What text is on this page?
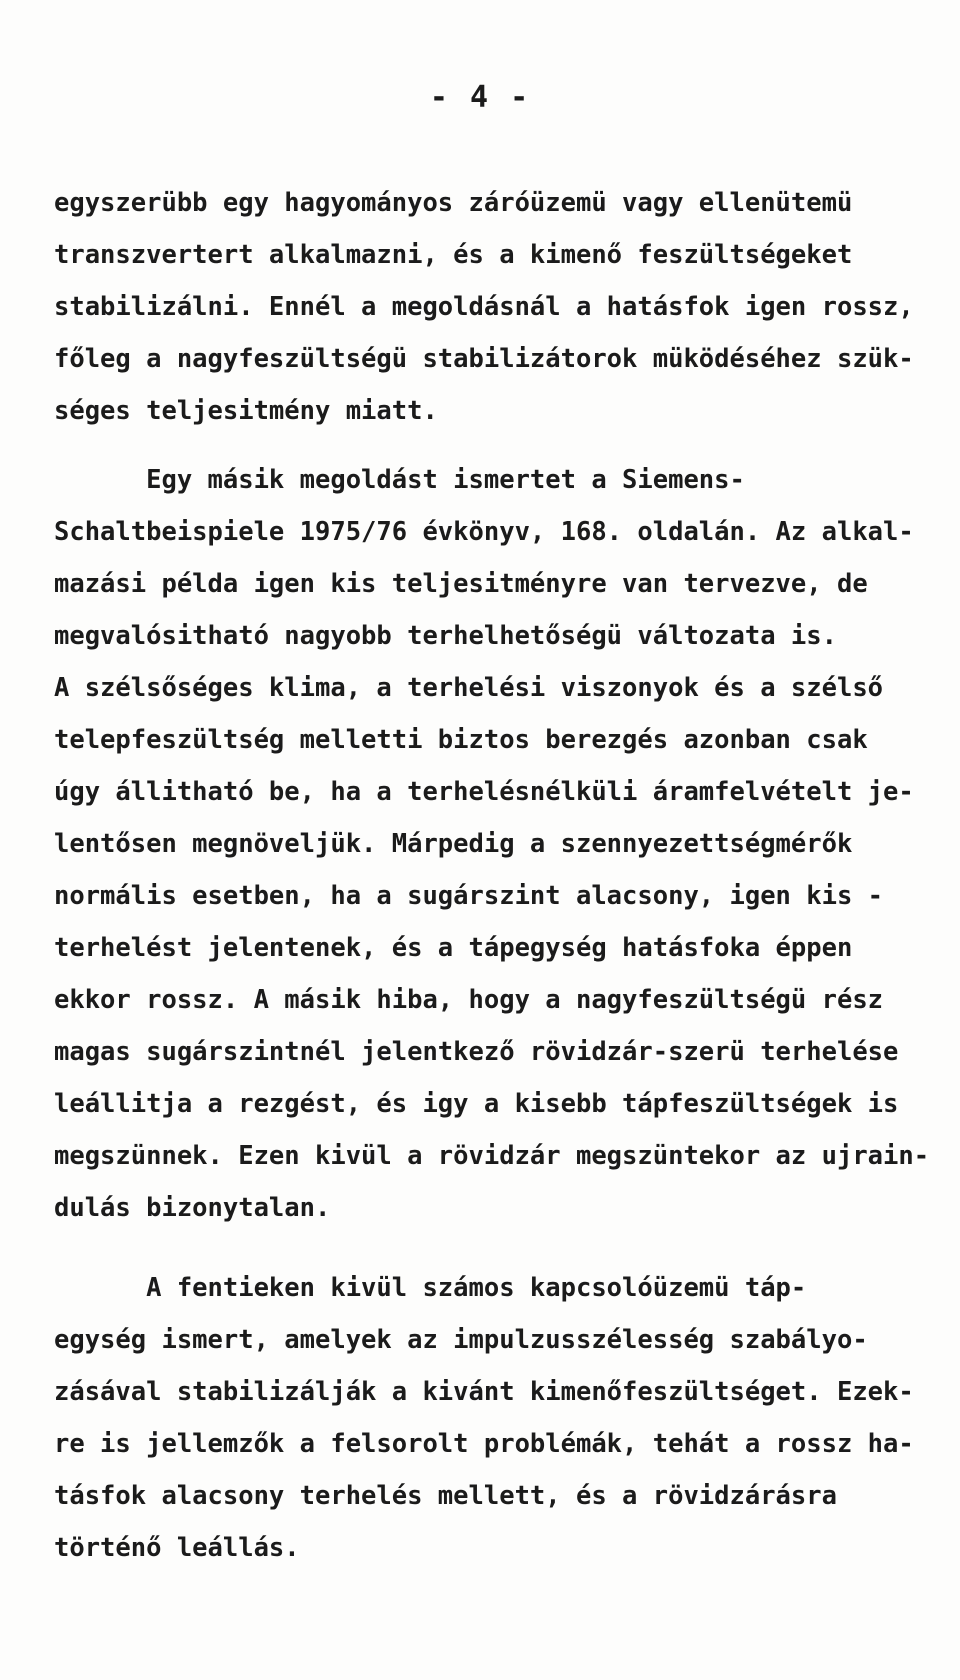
- 4 -
egyszerübb egy hagyományos záróüzemü vagy ellenütemü
transzvertert alkalmazni, és a kimenő feszültségeket
stabilizálni. Ennél a megoldásnál a hatásfok igen rossz,
főleg a nagyfeszültségü stabilizátorok müködéséhez szük-
séges teljesitmény miatt.
Egy másik megoldást ismertet a Siemens-
Schaltbeispiele 1975/76 évkönyv, 168. oldalán. Az alkal-
mazási példa igen kis teljesitményre van tervezve, de
megvalósitható nagyobb terhelhetőségü változata is.
A szélsőséges klima, a terhelési viszonyok és a szélső
telepfeszültség melletti biztos berezgés azonban csak
úgy állitható be, ha a terhelésnélküli áramfelvételt je-
lentősen megnöveljük. Márpedig a szennyezettségmérők
normális esetben, ha a sugárszint alacsony, igen kis -
terhelést jelentenek, és a tápegység hatásfoka éppen
ekkor rossz. A másik hiba, hogy a nagyfeszültségü rész
magas sugárszintnél jelentkező rövidzár-szerü terhelése
leállitja a rezgést, és igy a kisebb tápfeszültségek is
megszünnek. Ezen kivül a rövidzár megszüntekor az ujrain-
dulás bizonytalan.
A fentieken kivül számos kapcsolóüzemü táp-
egység ismert, amelyek az impulzusszélesség szabályo-
zásával stabilizálják a kivánt kimenőfeszültséget. Ezek-
re is jellemzők a felsorolt problémák, tehát a rossz ha-
tásfok alacsony terhelés mellett, és a rövidzárásra
történő leállás.
